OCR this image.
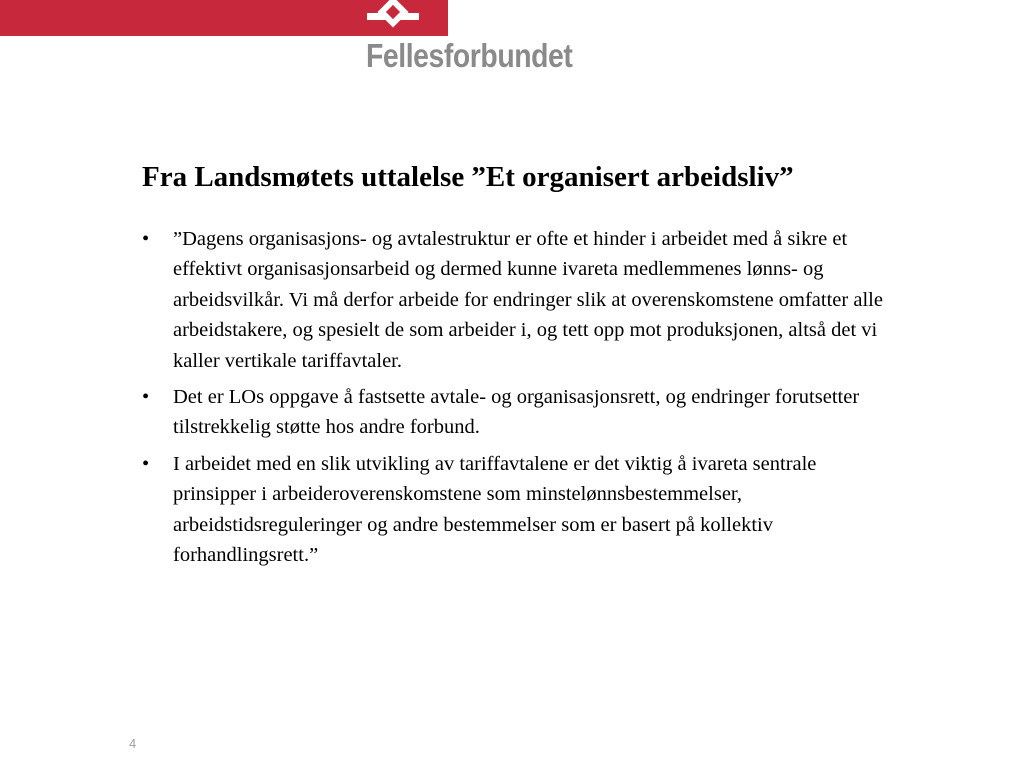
Fellesforbundet
Fra Landsmøtets uttalelse ”Et organisert arbeidsliv”
• ”Dagens organisasjons- og avtalestruktur er ofte et hinder i arbeidet med å sikre et effektivt organisasjonsarbeid og dermed kunne ivareta medlemmenes lønns- og arbeidsvilkår. Vi må derfor arbeide for endringer slik at overenskomstene omfatter alle arbeidstakere, og spesielt de som arbeider i, og tett opp mot produksjonen, altså det vi kaller vertikale tariffavtaler.
• Det er LOs oppgave å fastsette avtale- og organisasjonsrett, og endringer forutsetter tilstrekkelig støtte hos andre forbund.
• I arbeidet med en slik utvikling av tariffavtalene er det viktig å ivareta sentrale prinsipper i arbeideroverenskomstene som minstelønnsbestemmelser, arbeidstidsreguleringer og andre bestemmelser som er basert på kollektiv forhandlingsrett.”
4
